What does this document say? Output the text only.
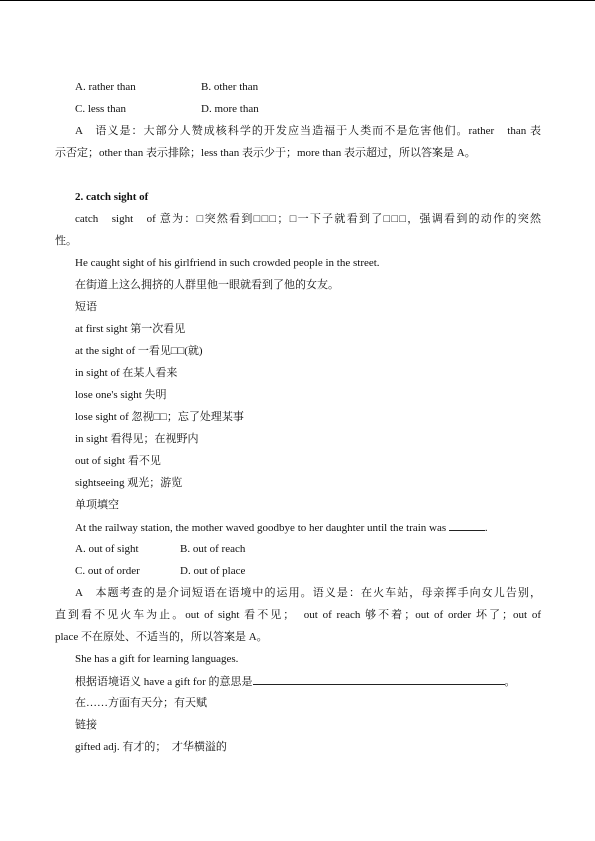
A. rather than	B. other than
C. less than	D. more than
A　语义是：大部分人赞成核科学的开发应当造福于人类而不是危害他们。rather　than 表
示否定；other than 表示排除；less than 表示少于；more than 表示超过，所以答案是 A。
2. catch sight of
catch　sight　of 意为：□突然看到□□□；□一下子就看到了□□□，强调看到的动作的突然
性。
He caught sight of his girlfriend in such crowded people in the street.
在街道上这么拥挤的人群里他一眼就看到了他的女友。
短语
at first sight 第一次看见
at the sight of 一看见□□(就)
in sight of 在某人看来
lose one's sight 失明
lose sight of 忽视□□；忘了处理某事
in sight 看得见；在视野内
out of sight 看不见
sightseeing 观光；游览
单项填空
At the railway station, the mother waved goodbye to her daughter until the train was	.
A. out of sight	B. out of reach
C. out of order	D. out of place
A　本题考查的是介词短语在语境中的运用。语义是：在火车站，母亲挥手向女儿告别，
直到看不见火车为止。out of sight 看不见；　out of reach 够不着；out of order 坏了；out of
place 不在原处、不适当的，所以答案是 A。
She has a gift for learning languages.
根据语境语义 have a gift for 的意思是	。
在……方面有天分；有天赋
链接
gifted adj. 有才的；　才华横溢的
